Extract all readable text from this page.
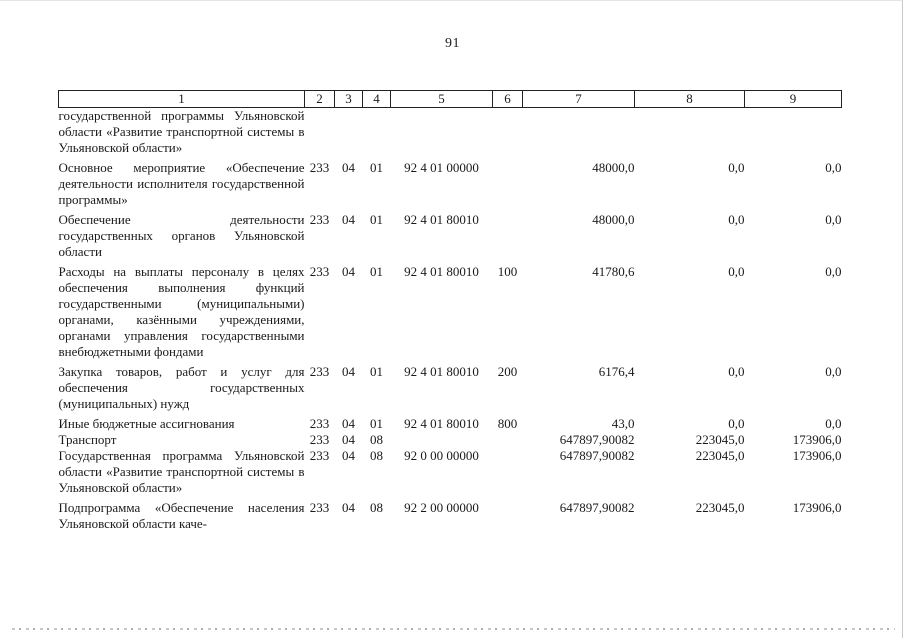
91
1	2	3	4	5	6	7	8	9
государственной программы Ульяновской области «Развитие транспортной системы в Ульяновской области»								
Основное мероприятие «Обеспечение деятельности исполнителя государственной программы»	233	04	01	92 4 01 00000		48000,0	0,0	0,0
Обеспечение деятельности государственных органов Ульяновской области	233	04	01	92 4 01 80010		48000,0	0,0	0,0
Расходы на выплаты персоналу в целях обеспечения выполнения функций государственными (муниципальными) органами, казёнными учреждениями, органами управления государственными внебюджетными фондами	233	04	01	92 4 01 80010	100	41780,6	0,0	0,0
Закупка товаров, работ и услуг для обеспечения государственных (муниципальных) нужд	233	04	01	92 4 01 80010	200	6176,4	0,0	0,0
Иные бюджетные ассигнования	233	04	01	92 4 01 80010	800	43,0	0,0	0,0
Транспорт	233	04	08			647897,90082	223045,0	173906,0
Государственная программа Ульяновской области «Развитие транспортной системы в Ульяновской области»	233	04	08	92 0 00 00000		647897,90082	223045,0	173906,0
Подпрограмма «Обеспечение населения Ульяновской области каче-	233	04	08	92 2 00 00000		647897,90082	223045,0	173906,0
